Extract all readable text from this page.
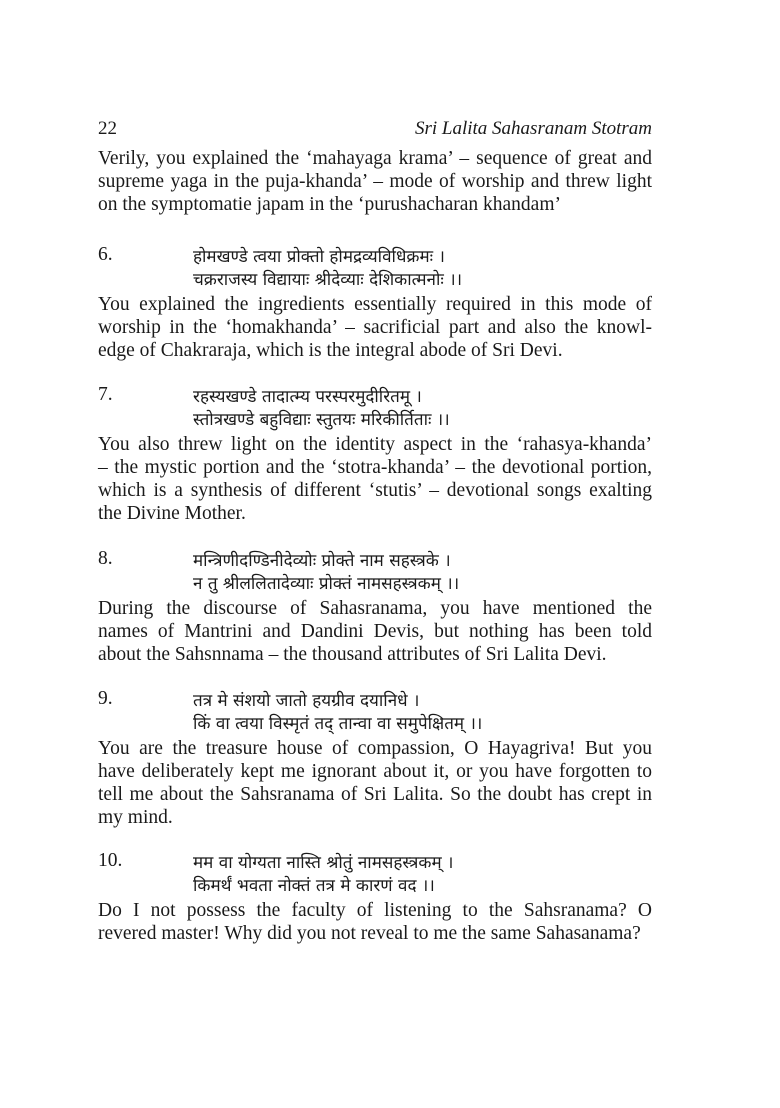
22	Sri Lalita Sahasranam Stotram
Verily, you explained the ‘mahayaga krama’ – sequence of great and
supreme yaga in the puja-khanda’ – mode of worship and threw light
on the symptomatie japam in the ‘purushacharan khandam’
6.	होमखण्डे त्वया प्रोक्तो होमद्रव्यविधिक्रमः ।
चक्रराजस्य विद्यायाः श्रीदेव्याः देशिकात्मनोः ।।
You explained the ingredients essentially required in this mode of
worship in the ‘homakhanda’ – sacrificial part and also the knowl-
edge of Chakraraja, which is the integral abode of Sri Devi.
7.	रहस्यखण्डे तादात्म्य परस्परमुदीरितमू ।
स्तोत्रखण्डे बहुविद्याः स्तुतयः मरिकीर्तिताः ।।
You also threw light on the identity aspect in the ‘rahasya-khanda’
– the mystic portion and the ‘stotra-khanda’ – the devotional portion,
which is a synthesis of different ‘stutis’ – devotional songs exalting
the Divine Mother.
8.	मन्त्रिणीदण्डिनीदेव्योः प्रोक्ते नाम सहस्त्रके ।
न तु श्रीललितादेव्याः प्रोक्तं नामसहस्त्रकम् ।।
During the discourse of Sahasranama, you have mentioned the
names of Mantrini and Dandini Devis, but nothing has been told
about the Sahsnnama – the thousand attributes of Sri Lalita Devi.
9.	तत्र मे संशयो जातो हयग्रीव दयानिधे ।
किं वा त्वया विस्मृतं तद् तान्वा वा समुपेक्षितम् ।।
You are the treasure house of compassion, O Hayagriva! But you
have deliberately kept me ignorant about it, or you have forgotten to
tell me about the Sahsranama of Sri Lalita. So the doubt has crept in
my mind.
10.	मम वा योग्यता नास्ति श्रोतुं नामसहस्त्रकम् ।
किमर्थं भवता नोक्तं तत्र मे कारणं वद ।।
Do I not possess the faculty of listening to the Sahsranama? O
revered master! Why did you not reveal to me the same Sahasanama?
